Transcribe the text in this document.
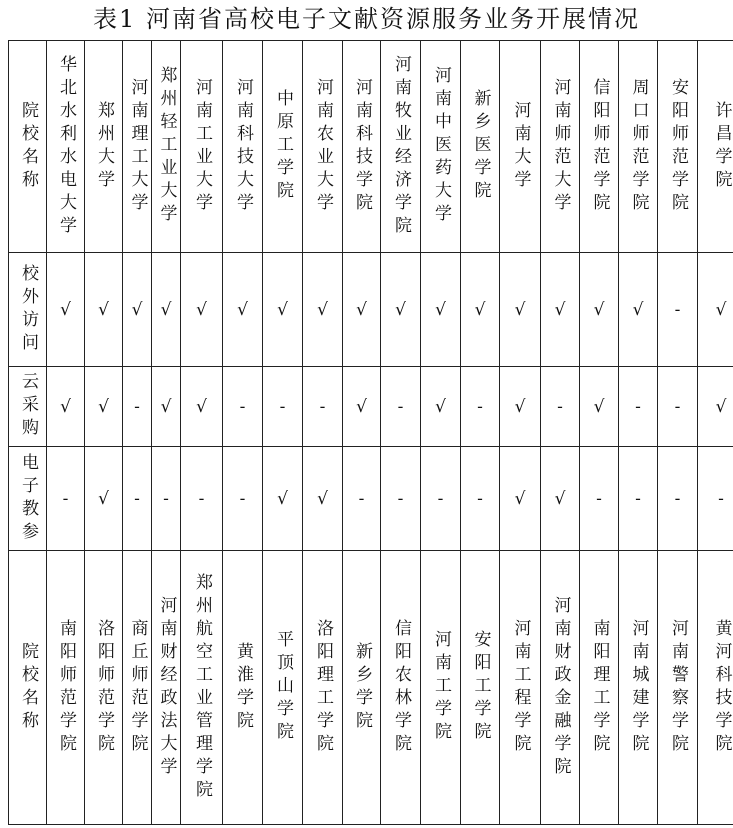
表1 河南省高校电子文献资源服务业务开展情况
院校名称	华北水利水电大学	郑州大学	河南理工大学	郑州轻工业大学	河南工业大学	河南科技大学	中原工学院	河南农业大学	河南科技学院	河南牧业经济学院	河南中医药大学	新乡医学院	河南大学	河南师范大学	信阳师范学院	周口师范学院	安阳师范学院	许昌学院
校外访问	√	√	√	√	√	√	√	√	√	√	√	√	√	√	√	√	-	√
云采购	√	√	-	√	√	-	-	-	√	-	√	-	√	-	√	-	-	√
电子教参	-	√	-	-	-	-	√	√	-	-	-	-	√	√	-	-	-	-
院校名称	南阳师范学院	洛阳师范学院	商丘师范学院	河南财经政法大学	郑州航空工业管理学院	黄淮学院	平顶山学院	洛阳理工学院	新乡学院	信阳农林学院	河南工学院	安阳工学院	河南工程学院	河南财政金融学院	南阳理工学院	河南城建学院	河南警察学院	黄河科技学院
